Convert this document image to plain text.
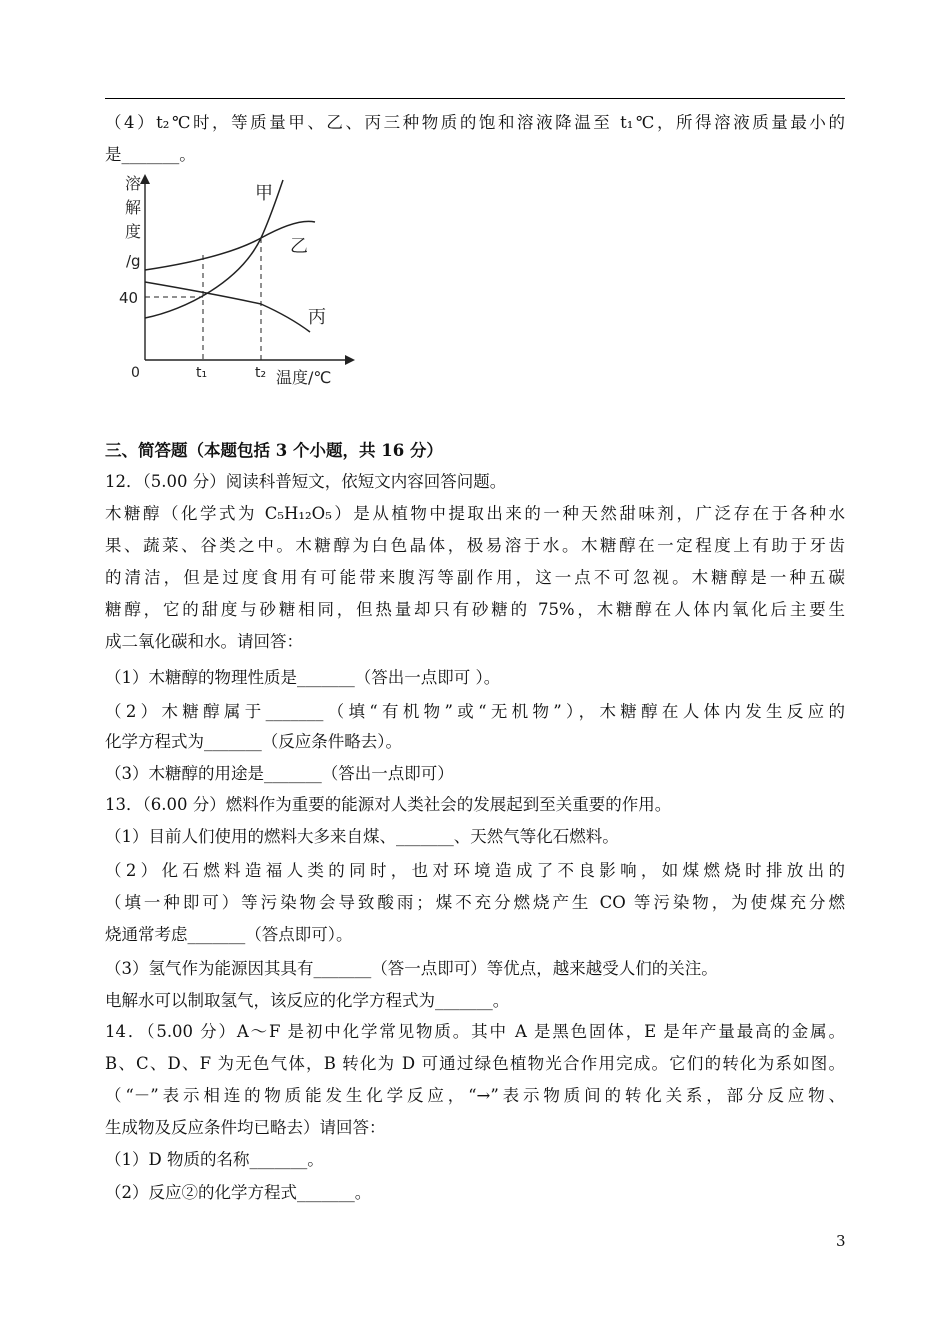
（4）t₂℃时，等质量甲、乙、丙三种物质的饱和溶液降温至 t₁℃，所得溶液质量最小的
是_______。
溶
解
度
/g
40
0	t₁	t₂ 温度/℃
甲
乙
丙
三、简答题（本题包括 3 个小题，共 16 分）
12．（5.00 分）阅读科普短文，依短文内容回答问题。
木糖醇（化学式为 C₅H₁₂O₅）是从植物中提取出来的一种天然甜味剂，广泛存在于各种水
果、蔬菜、谷类之中。木糖醇为白色晶体，极易溶于水。木糖醇在一定程度上有助于牙齿
的清洁，但是过度食用有可能带来腹泻等副作用，这一点不可忽视。木糖醇是一种五碳
糖醇，它的甜度与砂糖相同，但热量却只有砂糖的 75%，木糖醇在人体内氧化后主要生
成二氧化碳和水。请回答：
（1）木糖醇的物理性质是_______（答出一点即可 ）。
（2）木糖醇属于_______（填“有机物”或“无机物”），木糖醇在人体内发生反应的
化学方程式为_______（反应条件略去）。
（3）木糖醇的用途是_______（答出一点即可）
13．（6.00 分）燃料作为重要的能源对人类社会的发展起到至关重要的作用。
（1）目前人们使用的燃料大多来自煤、_______、天然气等化石燃料。
（2）化石燃料造福人类的同时，也对环境造成了不良影响，如煤燃烧时排放出的
（填一种即可）等污染物会导致酸雨；煤不充分燃烧产生 CO 等污染物，为使煤充分燃
烧通常考虑_______（答点即可）。
（3）氢气作为能源因其具有_______（答一点即可）等优点，越来越受人们的关注。
电解水可以制取氢气，该反应的化学方程式为_______。
14．（5.00 分）A～F 是初中化学常见物质。其中 A 是黑色固体，E 是年产量最高的金属。
B、C、D、F 为无色气体，B 转化为 D 可通过绿色植物光合作用完成。它们的转化为系如图。
（“－”表示相连的物质能发生化学反应，“→”表示物质间的转化关系，部分反应物、
生成物及反应条件均已略去）请回答：
（1）D 物质的名称_______。
（2）反应②的化学方程式_______。
3
